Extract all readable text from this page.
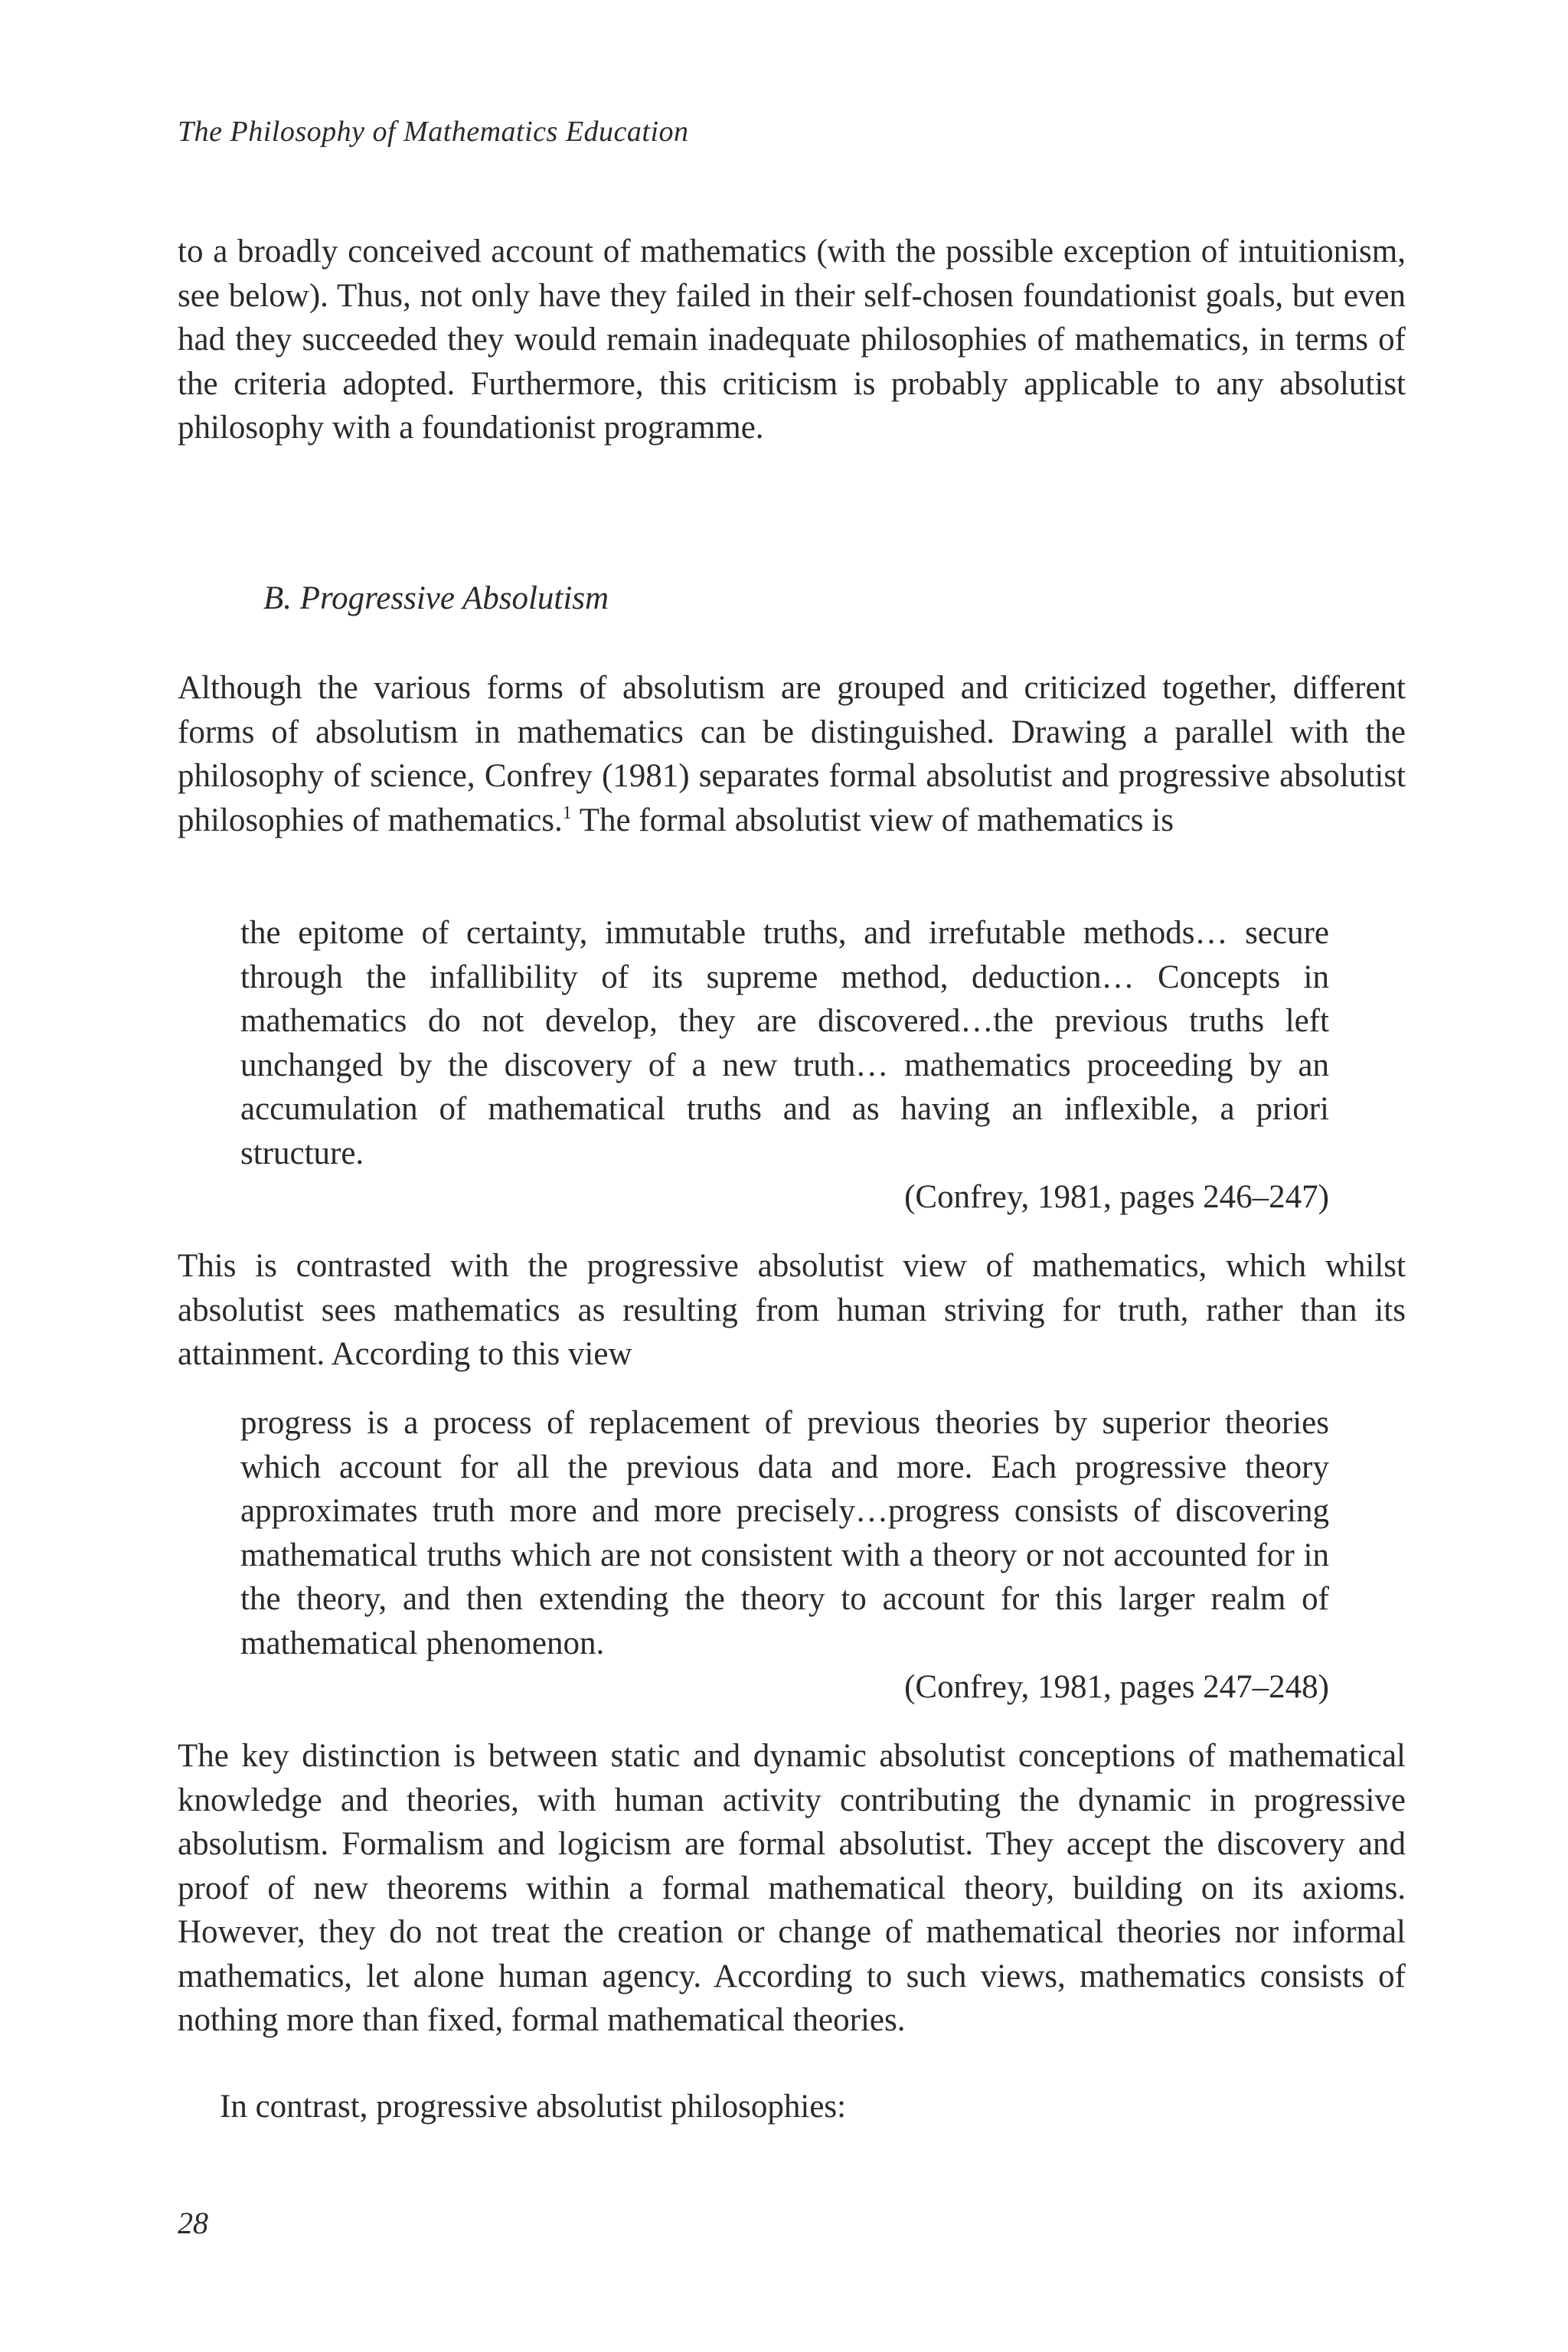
The Philosophy of Mathematics Education
to a broadly conceived account of mathematics (with the possible exception of intuitionism, see below). Thus, not only have they failed in their self-chosen foundationist goals, but even had they succeeded they would remain inadequate philosophies of mathematics, in terms of the criteria adopted. Furthermore, this criticism is probably applicable to any absolutist philosophy with a foundationist programme.
B. Progressive Absolutism
Although the various forms of absolutism are grouped and criticized together, different forms of absolutism in mathematics can be distinguished. Drawing a parallel with the philosophy of science, Confrey (1981) separates formal absolutist and progressive absolutist philosophies of mathematics.$^1$ The formal absolutist view of mathematics is
the epitome of certainty, immutable truths, and irrefutable methods… secure through the infallibility of its supreme method, deduction… Concepts in mathematics do not develop, they are discovered…the previous truths left unchanged by the discovery of a new truth… mathematics proceeding by an accumulation of mathematical truths and as having an inflexible, a priori structure.
(Confrey, 1981, pages 246–247)
This is contrasted with the progressive absolutist view of mathematics, which whilst absolutist sees mathematics as resulting from human striving for truth, rather than its attainment. According to this view
progress is a process of replacement of previous theories by superior theories which account for all the previous data and more. Each progressive theory approximates truth more and more precisely…progress consists of discovering mathematical truths which are not consistent with a theory or not accounted for in the theory, and then extending the theory to account for this larger realm of mathematical phenomenon.
(Confrey, 1981, pages 247–248)
The key distinction is between static and dynamic absolutist conceptions of mathematical knowledge and theories, with human activity contributing the dynamic in progressive absolutism. Formalism and logicism are formal absolutist. They accept the discovery and proof of new theorems within a formal mathematical theory, building on its axioms. However, they do not treat the creation or change of mathematical theories nor informal mathematics, let alone human agency. According to such views, mathematics consists of nothing more than fixed, formal mathematical theories.
In contrast, progressive absolutist philosophies:
28
